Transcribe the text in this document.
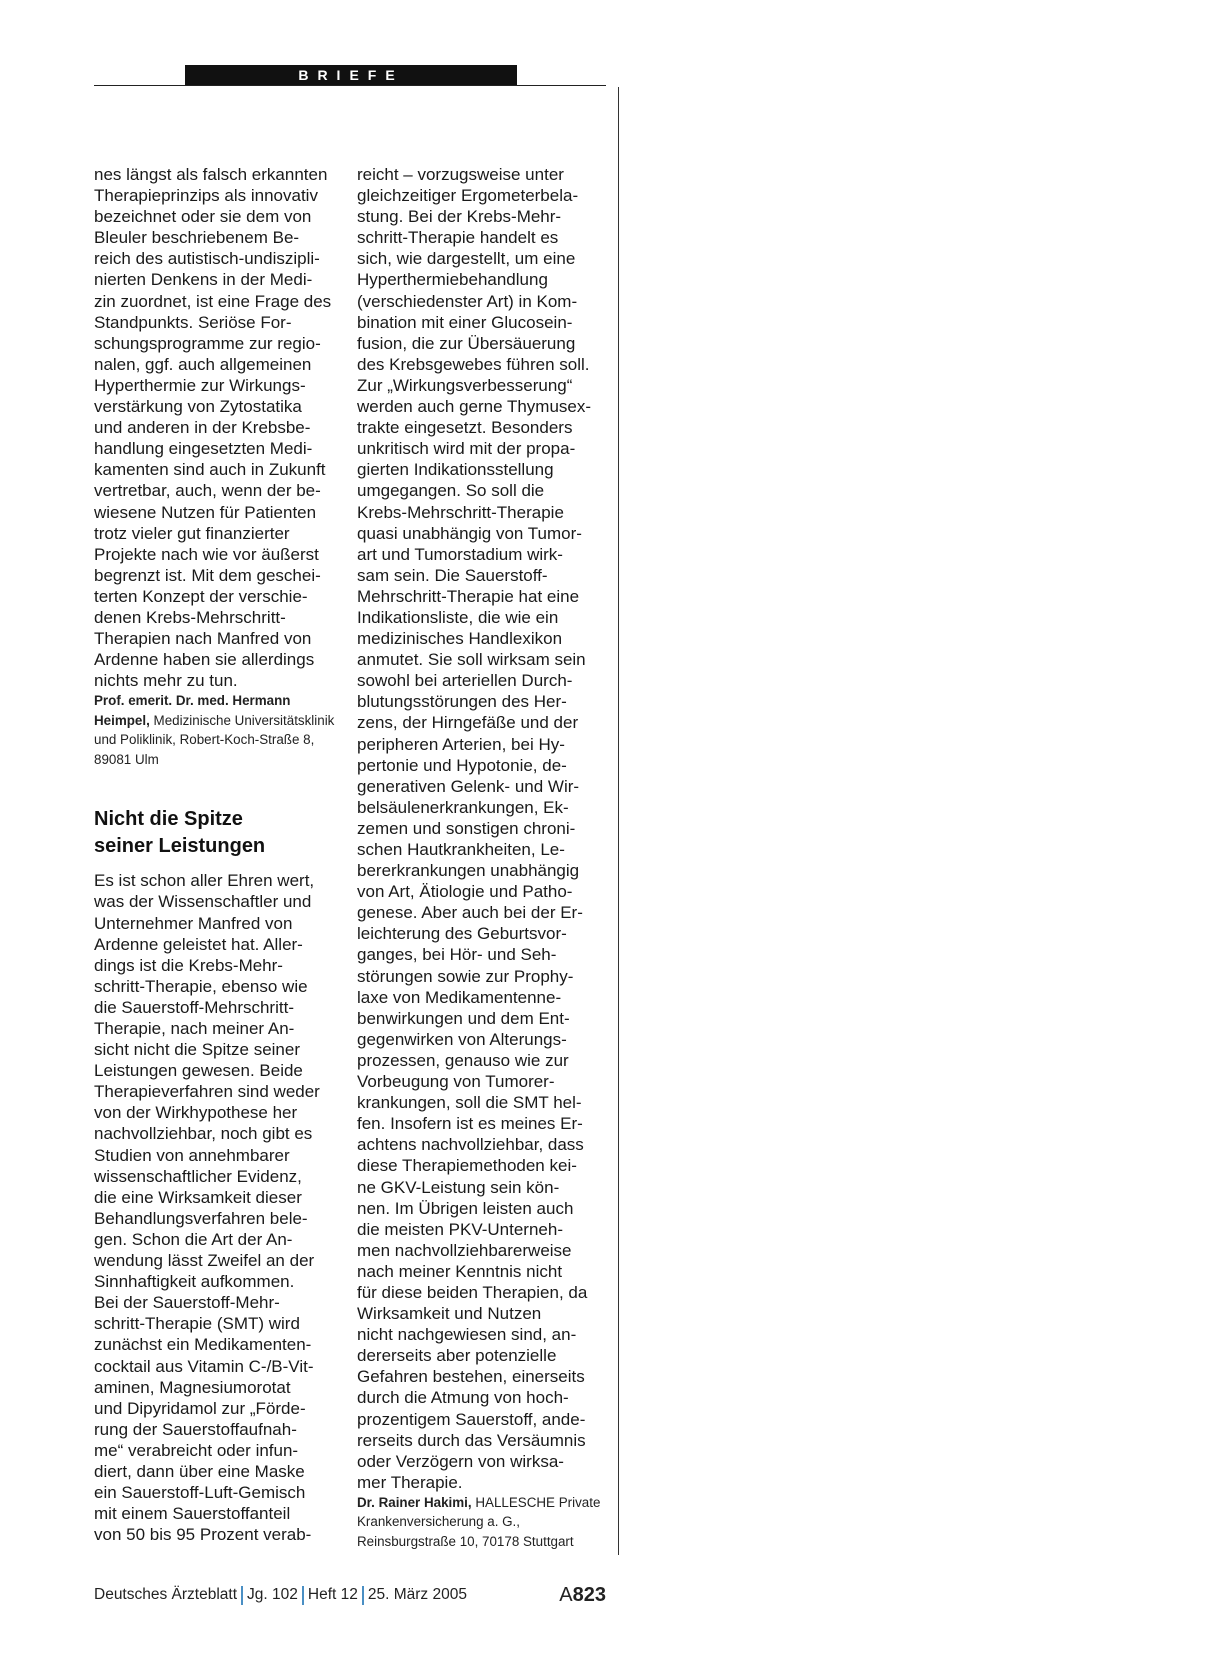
BRIEFE
nes längst als falsch erkannten
Therapieprinzips als innovativ
bezeichnet oder sie dem von
Bleuler beschriebenem Be-
reich des autistisch-undiszipli-
nierten Denkens in der Medi-
zin zuordnet, ist eine Frage des
Standpunkts. Seriöse For-
schungsprogramme zur regio-
nalen, ggf. auch allgemeinen
Hyperthermie zur Wirkungs-
verstärkung von Zytostatika
und anderen in der Krebsbe-
handlung eingesetzten Medi-
kamenten sind auch in Zukunft
vertretbar, auch, wenn der be-
wiesene Nutzen für Patienten
trotz vieler gut finanzierter
Projekte nach wie vor äußerst
begrenzt ist. Mit dem geschei-
terten Konzept der verschie-
denen Krebs-Mehrschritt-
Therapien nach Manfred von
Ardenne haben sie allerdings
nichts mehr zu tun.
Prof. emerit. Dr. med. Hermann
Heimpel, Medizinische Universitätsklinik
und Poliklinik, Robert-Koch-Straße 8,
89081 Ulm
Nicht die Spitze
seiner Leistungen
Es ist schon aller Ehren wert,
was der Wissenschaftler und
Unternehmer Manfred von
Ardenne geleistet hat. Aller-
dings ist die Krebs-Mehr-
schritt-Therapie, ebenso wie
die Sauerstoff-Mehrschritt-
Therapie, nach meiner An-
sicht nicht die Spitze seiner
Leistungen gewesen. Beide
Therapieverfahren sind weder
von der Wirkhypothese her
nachvollziehbar, noch gibt es
Studien von annehmbarer
wissenschaftlicher Evidenz,
die eine Wirksamkeit dieser
Behandlungsverfahren bele-
gen. Schon die Art der An-
wendung lässt Zweifel an der
Sinnhaftigkeit aufkommen.
Bei der Sauerstoff-Mehr-
schritt-Therapie (SMT) wird
zunächst ein Medikamenten-
cocktail aus Vitamin C-/B-Vit-
aminen, Magnesiumorotat
und Dipyridamol zur „Förde-
rung der Sauerstoffaufnah-
me“ verabreicht oder infun-
diert, dann über eine Maske
ein Sauerstoff-Luft-Gemisch
mit einem Sauerstoffanteil
von 50 bis 95 Prozent verab-
reicht – vorzugsweise unter
gleichzeitiger Ergometerbela-
stung. Bei der Krebs-Mehr-
schritt-Therapie handelt es
sich, wie dargestellt, um eine
Hyperthermiebehandlung
(verschiedenster Art) in Kom-
bination mit einer Glucosein-
fusion, die zur Übersäuerung
des Krebsgewebes führen soll.
Zur „Wirkungsverbesserung“
werden auch gerne Thymusex-
trakte eingesetzt. Besonders
unkritisch wird mit der propa-
gierten Indikationsstellung
umgegangen. So soll die
Krebs-Mehrschritt-Therapie
quasi unabhängig von Tumor-
art und Tumorstadium wirk-
sam sein. Die Sauerstoff-
Mehrschritt-Therapie hat eine
Indikationsliste, die wie ein
medizinisches Handlexikon
anmutet. Sie soll wirksam sein
sowohl bei arteriellen Durch-
blutungsstörungen des Her-
zens, der Hirngefäße und der
peripheren Arterien, bei Hy-
pertonie und Hypotonie, de-
generativen Gelenk- und Wir-
belsäulenerkrankungen, Ek-
zemen und sonstigen chroni-
schen Hautkrankheiten, Le-
bererkrankungen unabhängig
von Art, Ätiologie und Patho-
genese. Aber auch bei der Er-
leichterung des Geburtsvor-
ganges, bei Hör- und Seh-
störungen sowie zur Prophy-
laxe von Medikamentenne-
benwirkungen und dem Ent-
gegenwirken von Alterungs-
prozessen, genauso wie zur
Vorbeugung von Tumorer-
krankungen, soll die SMT hel-
fen. Insofern ist es meines Er-
achtens nachvollziehbar, dass
diese Therapiemethoden kei-
ne GKV-Leistung sein kön-
nen. Im Übrigen leisten auch
die meisten PKV-Unterneh-
men nachvollziehbarerweise
nach meiner Kenntnis nicht
für diese beiden Therapien, da
Wirksamkeit und Nutzen
nicht nachgewiesen sind, an-
dererseits aber potenzielle
Gefahren bestehen, einerseits
durch die Atmung von hoch-
prozentigem Sauerstoff, ande-
rerseits durch das Versäumnis
oder Verzögern von wirksa-
mer Therapie.
Dr. Rainer Hakimi, HALLESCHE Private
Krankenversicherung a. G.,
Reinsburgstraße 10, 70178 Stuttgart
Deutsches Ärzteblatt Jg. 102 Heft 12 25. März 2005	A823
